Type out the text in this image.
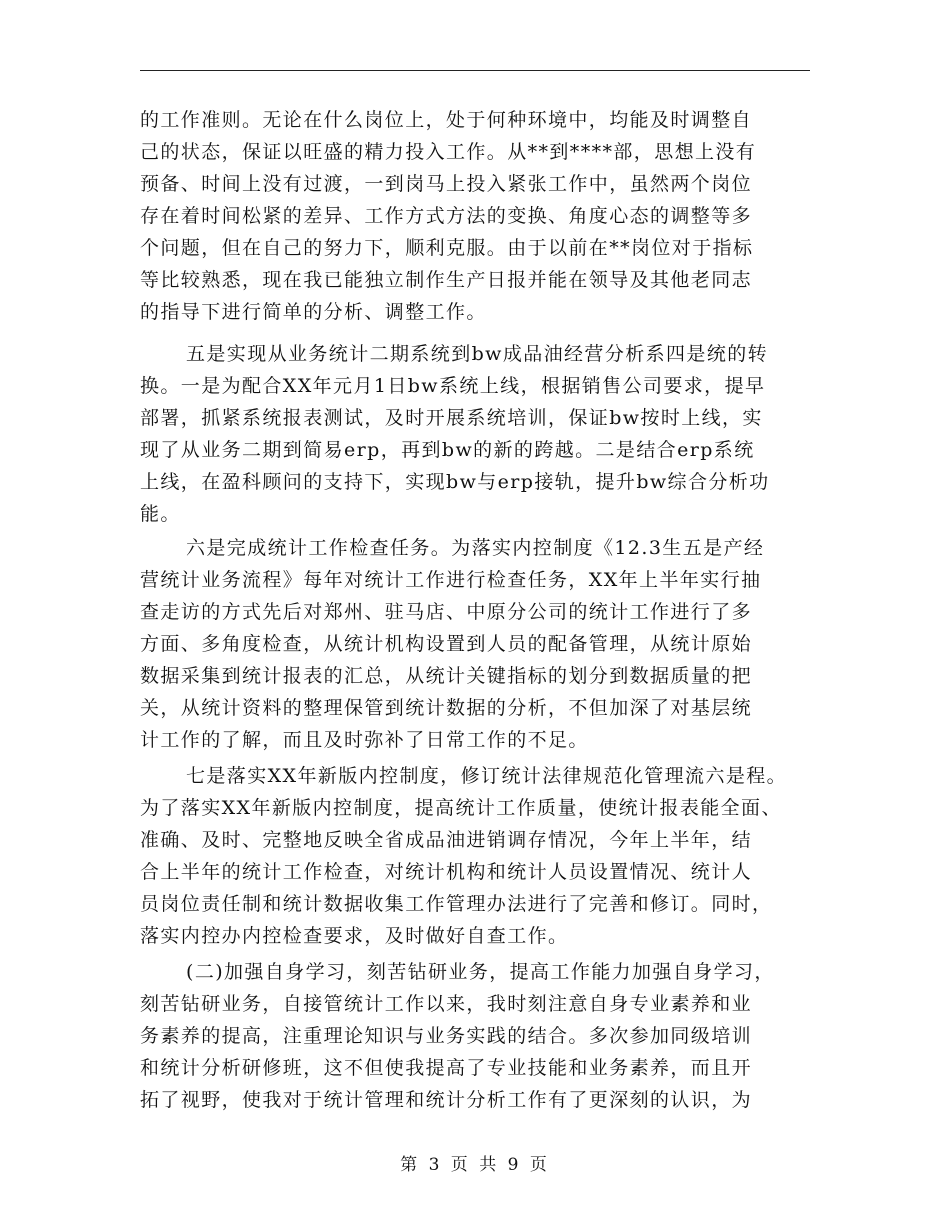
的工作准则。无论在什么岗位上，处于何种环境中，均能及时调整自
己的状态，保证以旺盛的精力投入工作。从**到****部，思想上没有
预备、时间上没有过渡，一到岗马上投入紧张工作中，虽然两个岗位
存在着时间松紧的差异、工作方式方法的变换、角度心态的调整等多
个问题，但在自己的努力下，顺利克服。由于以前在**岗位对于指标
等比较熟悉，现在我已能独立制作生产日报并能在领导及其他老同志
的指导下进行简单的分析、调整工作。
五是实现从业务统计二期系统到bw成品油经营分析系四是统的转
换。一是为配合XX年元月1日bw系统上线，根据销售公司要求，提早
部署，抓紧系统报表测试，及时开展系统培训，保证bw按时上线，实
现了从业务二期到简易erp，再到bw的新的跨越。二是结合erp系统
上线，在盈科顾问的支持下，实现bw与erp接轨，提升bw综合分析功
能。
六是完成统计工作检查任务。为落实内控制度《12.3生五是产经
营统计业务流程》每年对统计工作进行检查任务，XX年上半年实行抽
查走访的方式先后对郑州、驻马店、中原分公司的统计工作进行了多
方面、多角度检查，从统计机构设置到人员的配备管理，从统计原始
数据采集到统计报表的汇总，从统计关键指标的划分到数据质量的把
关，从统计资料的整理保管到统计数据的分析，不但加深了对基层统
计工作的了解，而且及时弥补了日常工作的不足。
七是落实XX年新版内控制度，修订统计法律规范化管理流六是程。
为了落实XX年新版内控制度，提高统计工作质量，使统计报表能全面、
准确、及时、完整地反映全省成品油进销调存情况，今年上半年，结
合上半年的统计工作检查，对统计机构和统计人员设置情况、统计人
员岗位责任制和统计数据收集工作管理办法进行了完善和修订。同时，
落实内控办内控检查要求，及时做好自查工作。
(二)加强自身学习，刻苦钻研业务，提高工作能力加强自身学习，
刻苦钻研业务，自接管统计工作以来，我时刻注意自身专业素养和业
务素养的提高，注重理论知识与业务实践的结合。多次参加同级培训
和统计分析研修班，这不但使我提高了专业技能和业务素养，而且开
拓了视野，使我对于统计管理和统计分析工作有了更深刻的认识，为
第 3 页 共 9 页
